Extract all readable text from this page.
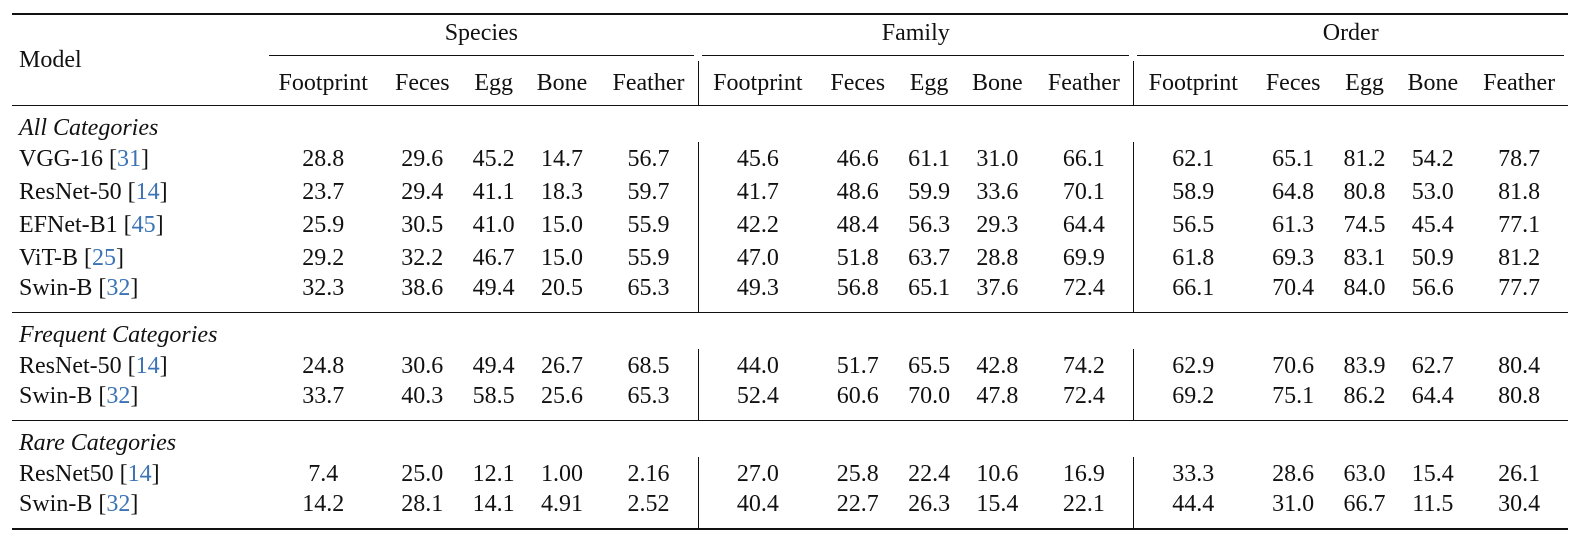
Model	Species					Family					Order				

	Footprint	Feces	Egg	Bone	Feather	Footprint	Feces	Egg	Bone	Feather	Footprint	Feces	Egg	Bone	Feather
All Categories															
VGG-16 [31]	28.8	29.6	45.2	14.7	56.7	45.6	46.6	61.1	31.0	66.1	62.1	65.1	81.2	54.2	78.7
ResNet-50 [14]	23.7	29.4	41.1	18.3	59.7	41.7	48.6	59.9	33.6	70.1	58.9	64.8	80.8	53.0	81.8
EFNet-B1 [45]	25.9	30.5	41.0	15.0	55.9	42.2	48.4	56.3	29.3	64.4	56.5	61.3	74.5	45.4	77.1
ViT-B [25]	29.2	32.2	46.7	15.0	55.9	47.0	51.8	63.7	28.8	69.9	61.8	69.3	83.1	50.9	81.2
Swin-B [32]	32.3	38.6	49.4	20.5	65.3	49.3	56.8	65.1	37.6	72.4	66.1	70.4	84.0	56.6	77.7
Frequent Categories															
ResNet-50 [14]	24.8	30.6	49.4	26.7	68.5	44.0	51.7	65.5	42.8	74.2	62.9	70.6	83.9	62.7	80.4
Swin-B [32]	33.7	40.3	58.5	25.6	65.3	52.4	60.6	70.0	47.8	72.4	69.2	75.1	86.2	64.4	80.8
Rare Categories															
ResNet50 [14]	7.4	25.0	12.1	1.00	2.16	27.0	25.8	22.4	10.6	16.9	33.3	28.6	63.0	15.4	26.1
Swin-B [32]	14.2	28.1	14.1	4.91	2.52	40.4	22.7	26.3	15.4	22.1	44.4	31.0	66.7	11.5	30.4
